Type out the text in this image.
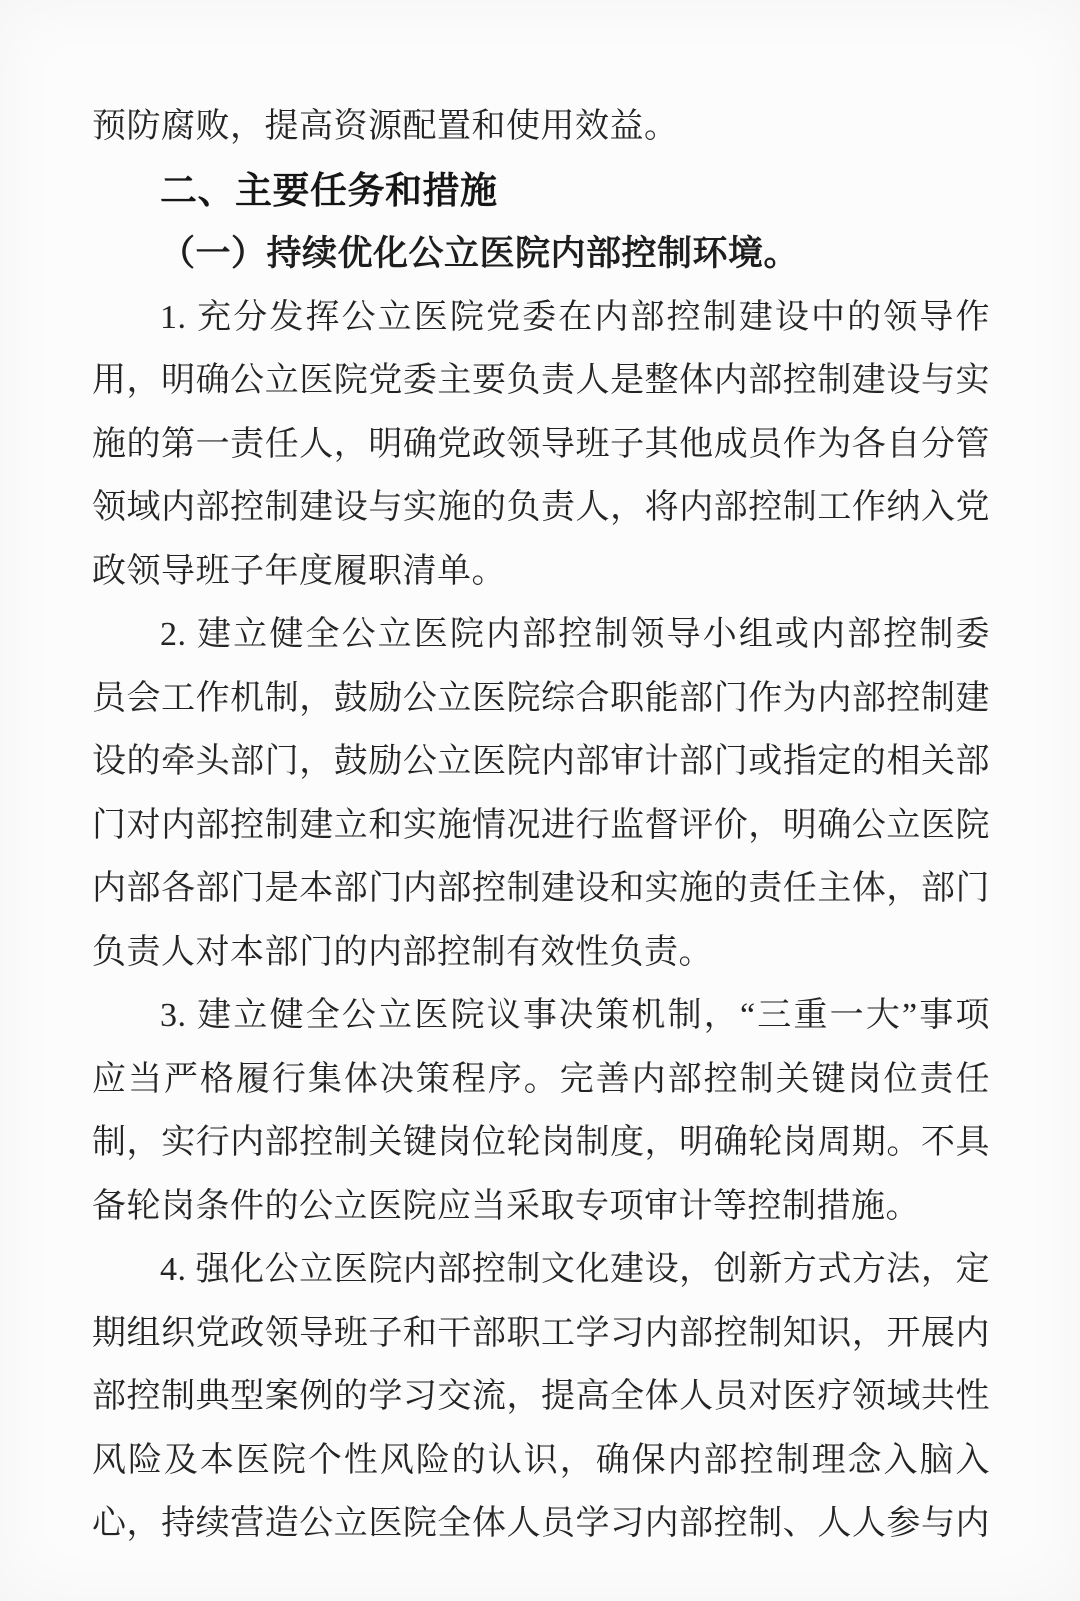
预防腐败，提高资源配置和使用效益。
二、主要任务和措施
（一）持续优化公立医院内部控制环境。
1. 充分发挥公立医院党委在内部控制建设中的领导作
用，明确公立医院党委主要负责人是整体内部控制建设与实
施的第一责任人，明确党政领导班子其他成员作为各自分管
领域内部控制建设与实施的负责人，将内部控制工作纳入党
政领导班子年度履职清单。
2. 建立健全公立医院内部控制领导小组或内部控制委
员会工作机制，鼓励公立医院综合职能部门作为内部控制建
设的牵头部门，鼓励公立医院内部审计部门或指定的相关部
门对内部控制建立和实施情况进行监督评价，明确公立医院
内部各部门是本部门内部控制建设和实施的责任主体，部门
负责人对本部门的内部控制有效性负责。
3. 建立健全公立医院议事决策机制，“三重一大”事项
应当严格履行集体决策程序。完善内部控制关键岗位责任
制，实行内部控制关键岗位轮岗制度，明确轮岗周期。不具
备轮岗条件的公立医院应当采取专项审计等控制措施。
4. 强化公立医院内部控制文化建设，创新方式方法，定
期组织党政领导班子和干部职工学习内部控制知识，开展内
部控制典型案例的学习交流，提高全体人员对医疗领域共性
风险及本医院个性风险的认识，确保内部控制理念入脑入
心，持续营造公立医院全体人员学习内部控制、人人参与内
